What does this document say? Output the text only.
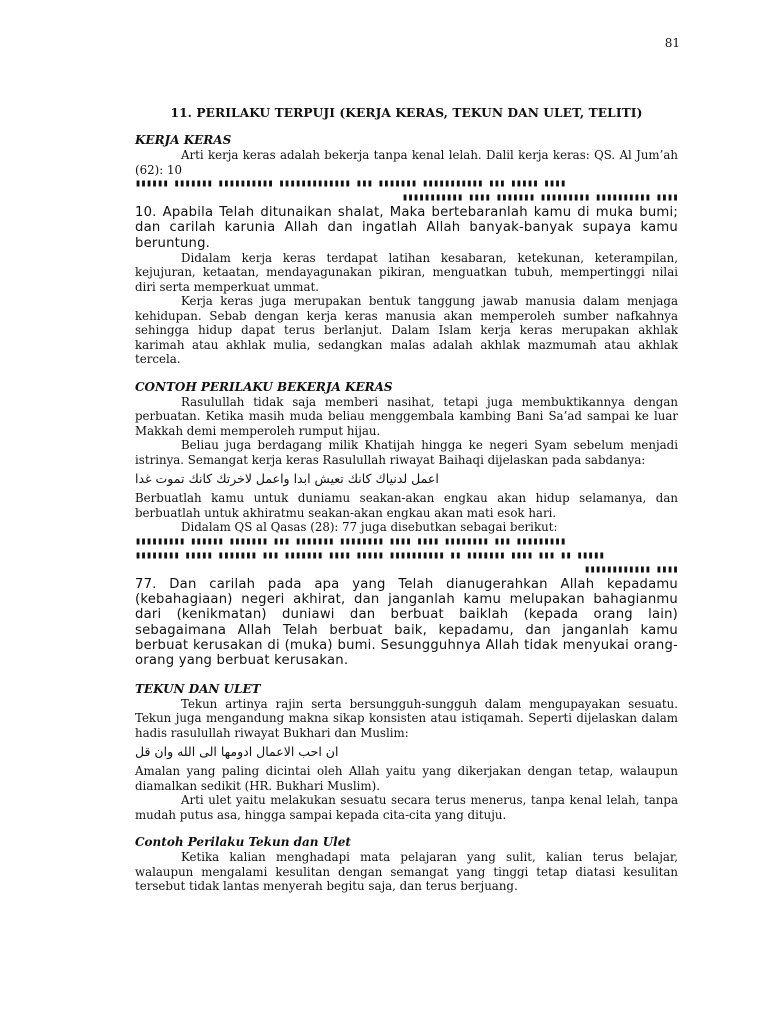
81
11. PERILAKU TERPUJI (KERJA KERAS, TEKUN DAN ULET, TELITI)
KERJA KERAS

Arti kerja keras adalah bekerja tanpa kenal lelah. Dalil kerja keras: QS. Al Jum’ah (62): 10

▮▮▮▮▮▮ ▮▮▮▮▮▮▮ ▮▮▮▮▮▮▮▮▮▮ ▮▮▮▮▮▮▮▮▮▮▮▮▮ ▮▮▮ ▮▮▮▮▮▮▮ ▮▮▮▮▮▮▮▮▮▮▮ ▮▮▮ ▮▮▮▮▮ ▮▮▮▮

▮▮▮▮▮▮▮▮▮▮▮ ▮▮▮▮ ▮▮▮▮▮▮▮ ▮▮▮▮▮▮▮▮▮ ▮▮▮▮▮▮▮▮▮▮ ▮▮▮▮

10. Apabila Telah ditunaikan shalat, Maka bertebaranlah kamu di muka bumi; dan carilah karunia Allah dan ingatlah Allah banyak-banyak supaya kamu beruntung.

Didalam kerja keras terdapat latihan kesabaran, ketekunan, keterampilan, kejujuran, ketaatan, mendayagunakan pikiran, menguatkan tubuh, mempertinggi nilai diri serta memperkuat ummat.

Kerja keras juga merupakan bentuk tanggung jawab manusia dalam menjaga kehidupan. Sebab dengan kerja keras manusia akan memperoleh sumber nafkahnya sehingga hidup dapat terus berlanjut. Dalam Islam kerja keras merupakan akhlak karimah atau akhlak mulia, sedangkan malas adalah akhlak mazmumah atau akhlak tercela.

CONTOH PERILAKU BEKERJA KERAS

Rasulullah tidak saja memberi nasihat, tetapi juga membuktikannya dengan perbuatan. Ketika masih muda beliau menggembala kambing Bani Sa’ad sampai ke luar Makkah demi memperoleh rumput hijau.

Beliau juga berdagang milik Khatijah hingga ke negeri Syam sebelum menjadi istrinya. Semangat kerja keras Rasulullah riwayat Baihaqi dijelaskan pada sabdanya:

اعمل لدنياك كانك تعيش ابدا واعمل لاخرتك كانك تموت غدا

Berbuatlah kamu untuk duniamu seakan-akan engkau akan hidup selamanya, dan berbuatlah untuk akhiratmu seakan-akan engkau akan mati esok hari.

Didalam QS al Qasas (28): 77 juga disebutkan sebagai berikut:

▮▮▮▮▮▮▮▮▮ ▮▮▮▮▮▮ ▮▮▮▮▮▮▮ ▮▮▮ ▮▮▮▮▮▮▮ ▮▮▮▮▮▮▮▮ ▮▮▮▮ ▮▮▮▮ ▮▮▮▮▮▮▮▮ ▮▮▮ ▮▮▮▮▮▮▮▮▮

▮▮▮▮▮▮▮▮ ▮▮▮▮▮ ▮▮▮▮▮▮▮ ▮▮▮ ▮▮▮▮▮▮▮ ▮▮▮▮ ▮▮▮▮▮ ▮▮▮▮▮▮▮▮▮▮ ▮▮ ▮▮▮▮▮▮▮ ▮▮▮▮ ▮▮▮ ▮▮ ▮▮▮▮▮

▮▮▮▮▮▮▮▮▮▮▮▮ ▮▮▮▮

77. Dan carilah pada apa yang Telah dianugerahkan Allah kepadamu (kebahagiaan) negeri akhirat, dan janganlah kamu melupakan bahagianmu dari (kenikmatan) duniawi dan berbuat baiklah (kepada orang lain) sebagaimana Allah Telah berbuat baik, kepadamu, dan janganlah kamu berbuat kerusakan di (muka) bumi. Sesungguhnya Allah tidak menyukai orang-orang yang berbuat kerusakan.

TEKUN DAN ULET

Tekun artinya rajin serta bersungguh-sungguh dalam mengupayakan sesuatu. Tekun juga mengandung makna sikap konsisten atau istiqamah. Seperti dijelaskan dalam hadis rasulullah riwayat Bukhari dan Muslim:

ان احب الاعمال ادومها الى الله وان قل

Amalan yang paling dicintai oleh Allah yaitu yang dikerjakan dengan tetap, walaupun diamalkan sedikit (HR. Bukhari Muslim).

Arti ulet yaitu melakukan sesuatu secara terus menerus, tanpa kenal lelah, tanpa mudah putus asa, hingga sampai kepada cita-cita yang dituju.

Contoh Perilaku Tekun dan Ulet

Ketika kalian menghadapi mata pelajaran yang sulit, kalian terus belajar, walaupun mengalami kesulitan dengan semangat yang tinggi tetap diatasi kesulitan tersebut tidak lantas menyerah begitu saja, dan terus berjuang.
